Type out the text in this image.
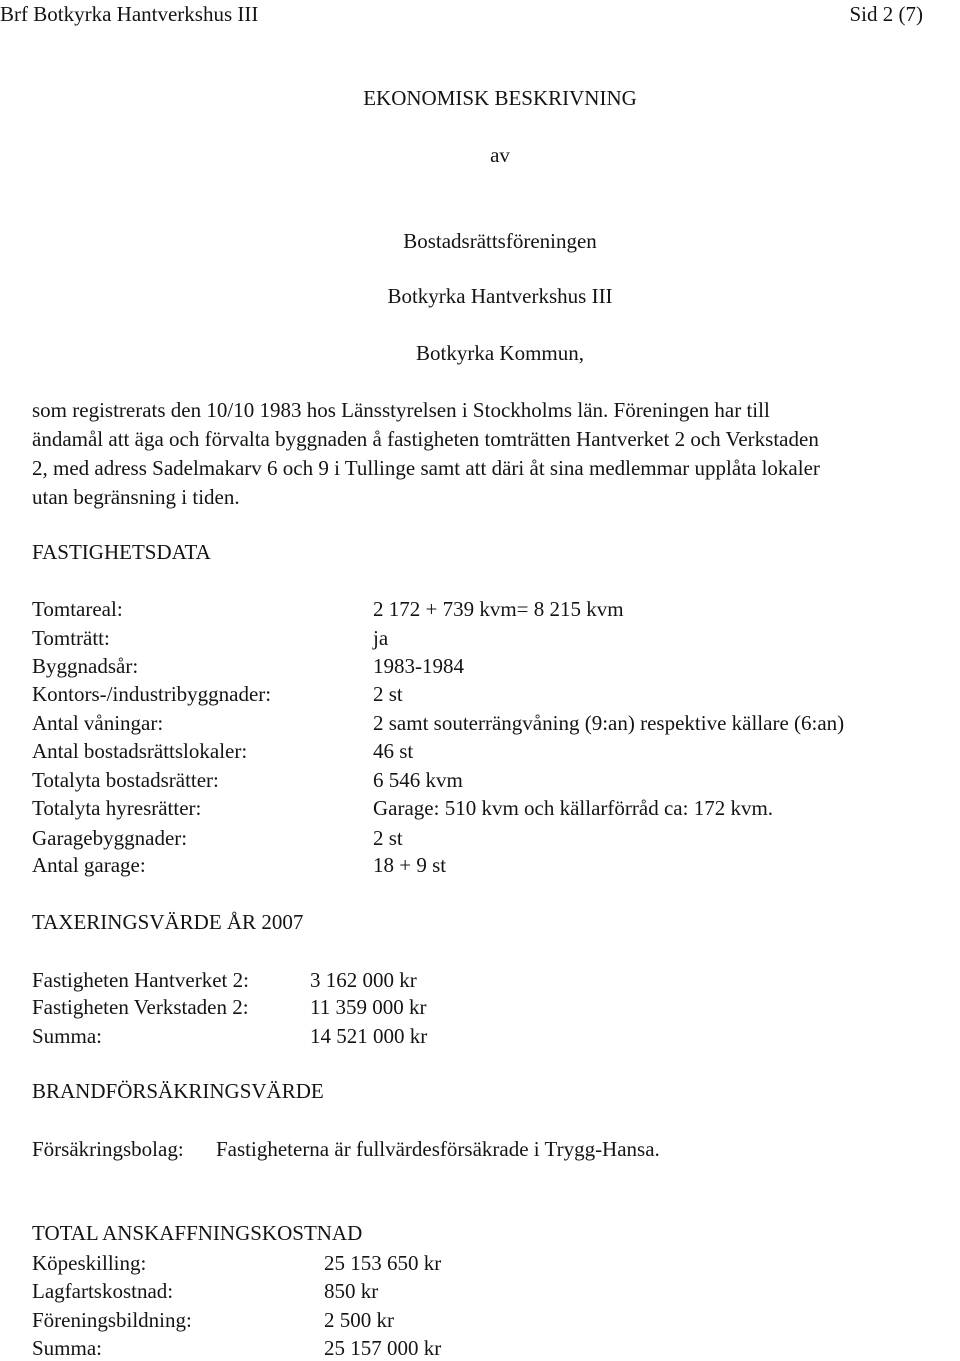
Brf Botkyrka Hantverkshus III	Sid 2 (7)
EKONOMISK BESKRIVNING
av
Bostadsrättsföreningen
Botkyrka Hantverkshus III
Botkyrka Kommun,
som registrerats den 10/10 1983 hos Länsstyrelsen i Stockholms län. Föreningen har till
ändamål att äga och förvalta byggnaden å fastigheten tomträtten Hantverket 2 och Verkstaden
2, med adress Sadelmakarv 6 och 9 i Tullinge samt att däri åt sina medlemmar upplåta lokaler
utan begränsning i tiden.
FASTIGHETSDATA
Tomtareal:	2 172 + 739 kvm= 8 215 kvm
Tomträtt:	ja
Byggnadsår:	1983-1984
Kontors-/industribyggnader:	2 st
Antal våningar:	2 samt souterrängvåning (9:an) respektive källare (6:an)
Antal bostadsrättslokaler:	46 st
Totalyta bostadsrätter:	6 546 kvm
Totalyta hyresrätter:	Garage: 510 kvm och källarförråd ca: 172 kvm.
Garagebyggnader:	2 st
Antal garage:	18 + 9 st
TAXERINGSVÄRDE ÅR 2007
Fastigheten Hantverket 2:	3 162 000 kr
Fastigheten Verkstaden 2:	11 359 000 kr
Summa:	14 521 000 kr
BRANDFÖRSÄKRINGSVÄRDE
Försäkringsbolag: Fastigheterna är fullvärdesförsäkrade i Trygg-Hansa.
TOTAL ANSKAFFNINGSKOSTNAD
Köpeskilling:	25 153 650 kr
Lagfartskostnad:	850 kr
Föreningsbildning:	2 500 kr
Summa:	25 157 000 kr
